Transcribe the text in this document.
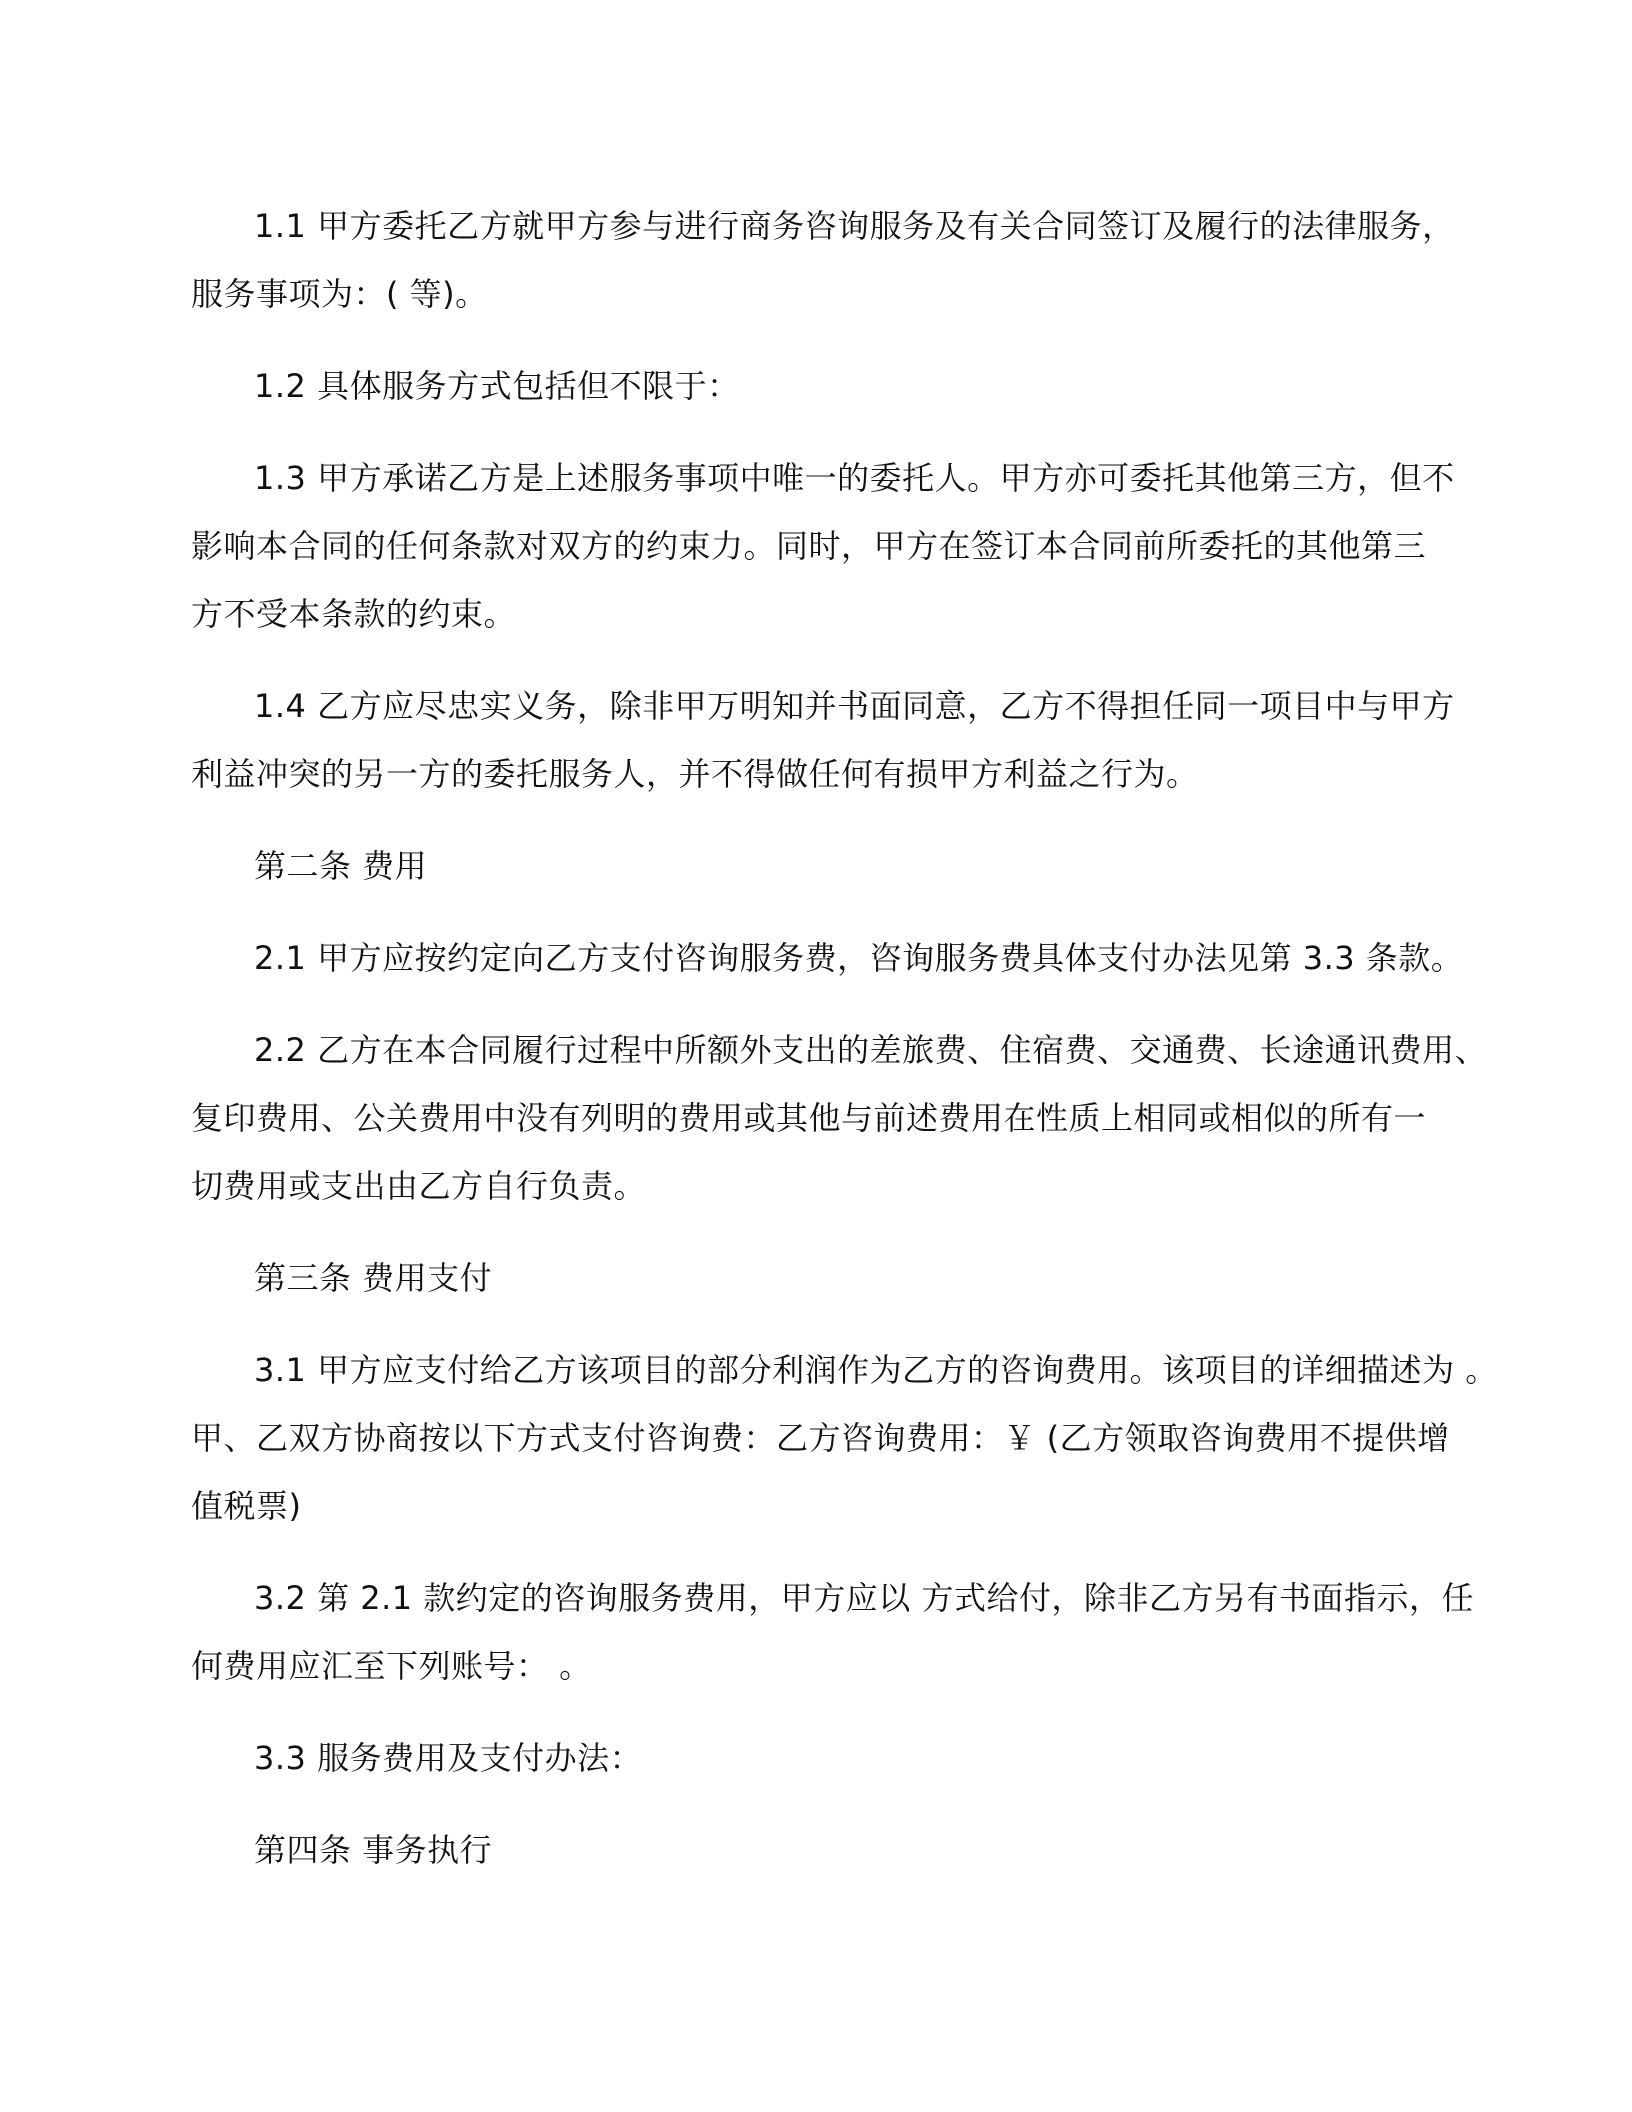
1.1 甲方委托乙方就甲方参与进行商务咨询服务及有关合同签订及履行的法律服务，
服务事项为：( 等)。
1.2 具体服务方式包括但不限于：
1.3 甲方承诺乙方是上述服务事项中唯一的委托人。甲方亦可委托其他第三方，但不
影响本合同的任何条款对双方的约束力。同时，甲方在签订本合同前所委托的其他第三
方不受本条款的约束。
1.4 乙方应尽忠实义务，除非甲万明知并书面同意，乙方不得担任同一项目中与甲方
利益冲突的另一方的委托服务人，并不得做任何有损甲方利益之行为。
第二条 费用
2.1 甲方应按约定向乙方支付咨询服务费，咨询服务费具体支付办法见第 3.3 条款。
2.2 乙方在本合同履行过程中所额外支出的差旅费、住宿费、交通费、长途通讯费用、
复印费用、公关费用中没有列明的费用或其他与前述费用在性质上相同或相似的所有一
切费用或支出由乙方自行负责。
第三条 费用支付
3.1 甲方应支付给乙方该项目的部分利润作为乙方的咨询费用。该项目的详细描述为 。
甲、乙双方协商按以下方式支付咨询费：乙方咨询费用：￥ (乙方领取咨询费用不提供增
值税票)
3.2 第 2.1 款约定的咨询服务费用，甲方应以 方式给付，除非乙方另有书面指示，任
何费用应汇至下列账号： 。
3.3 服务费用及支付办法：
第四条 事务执行
